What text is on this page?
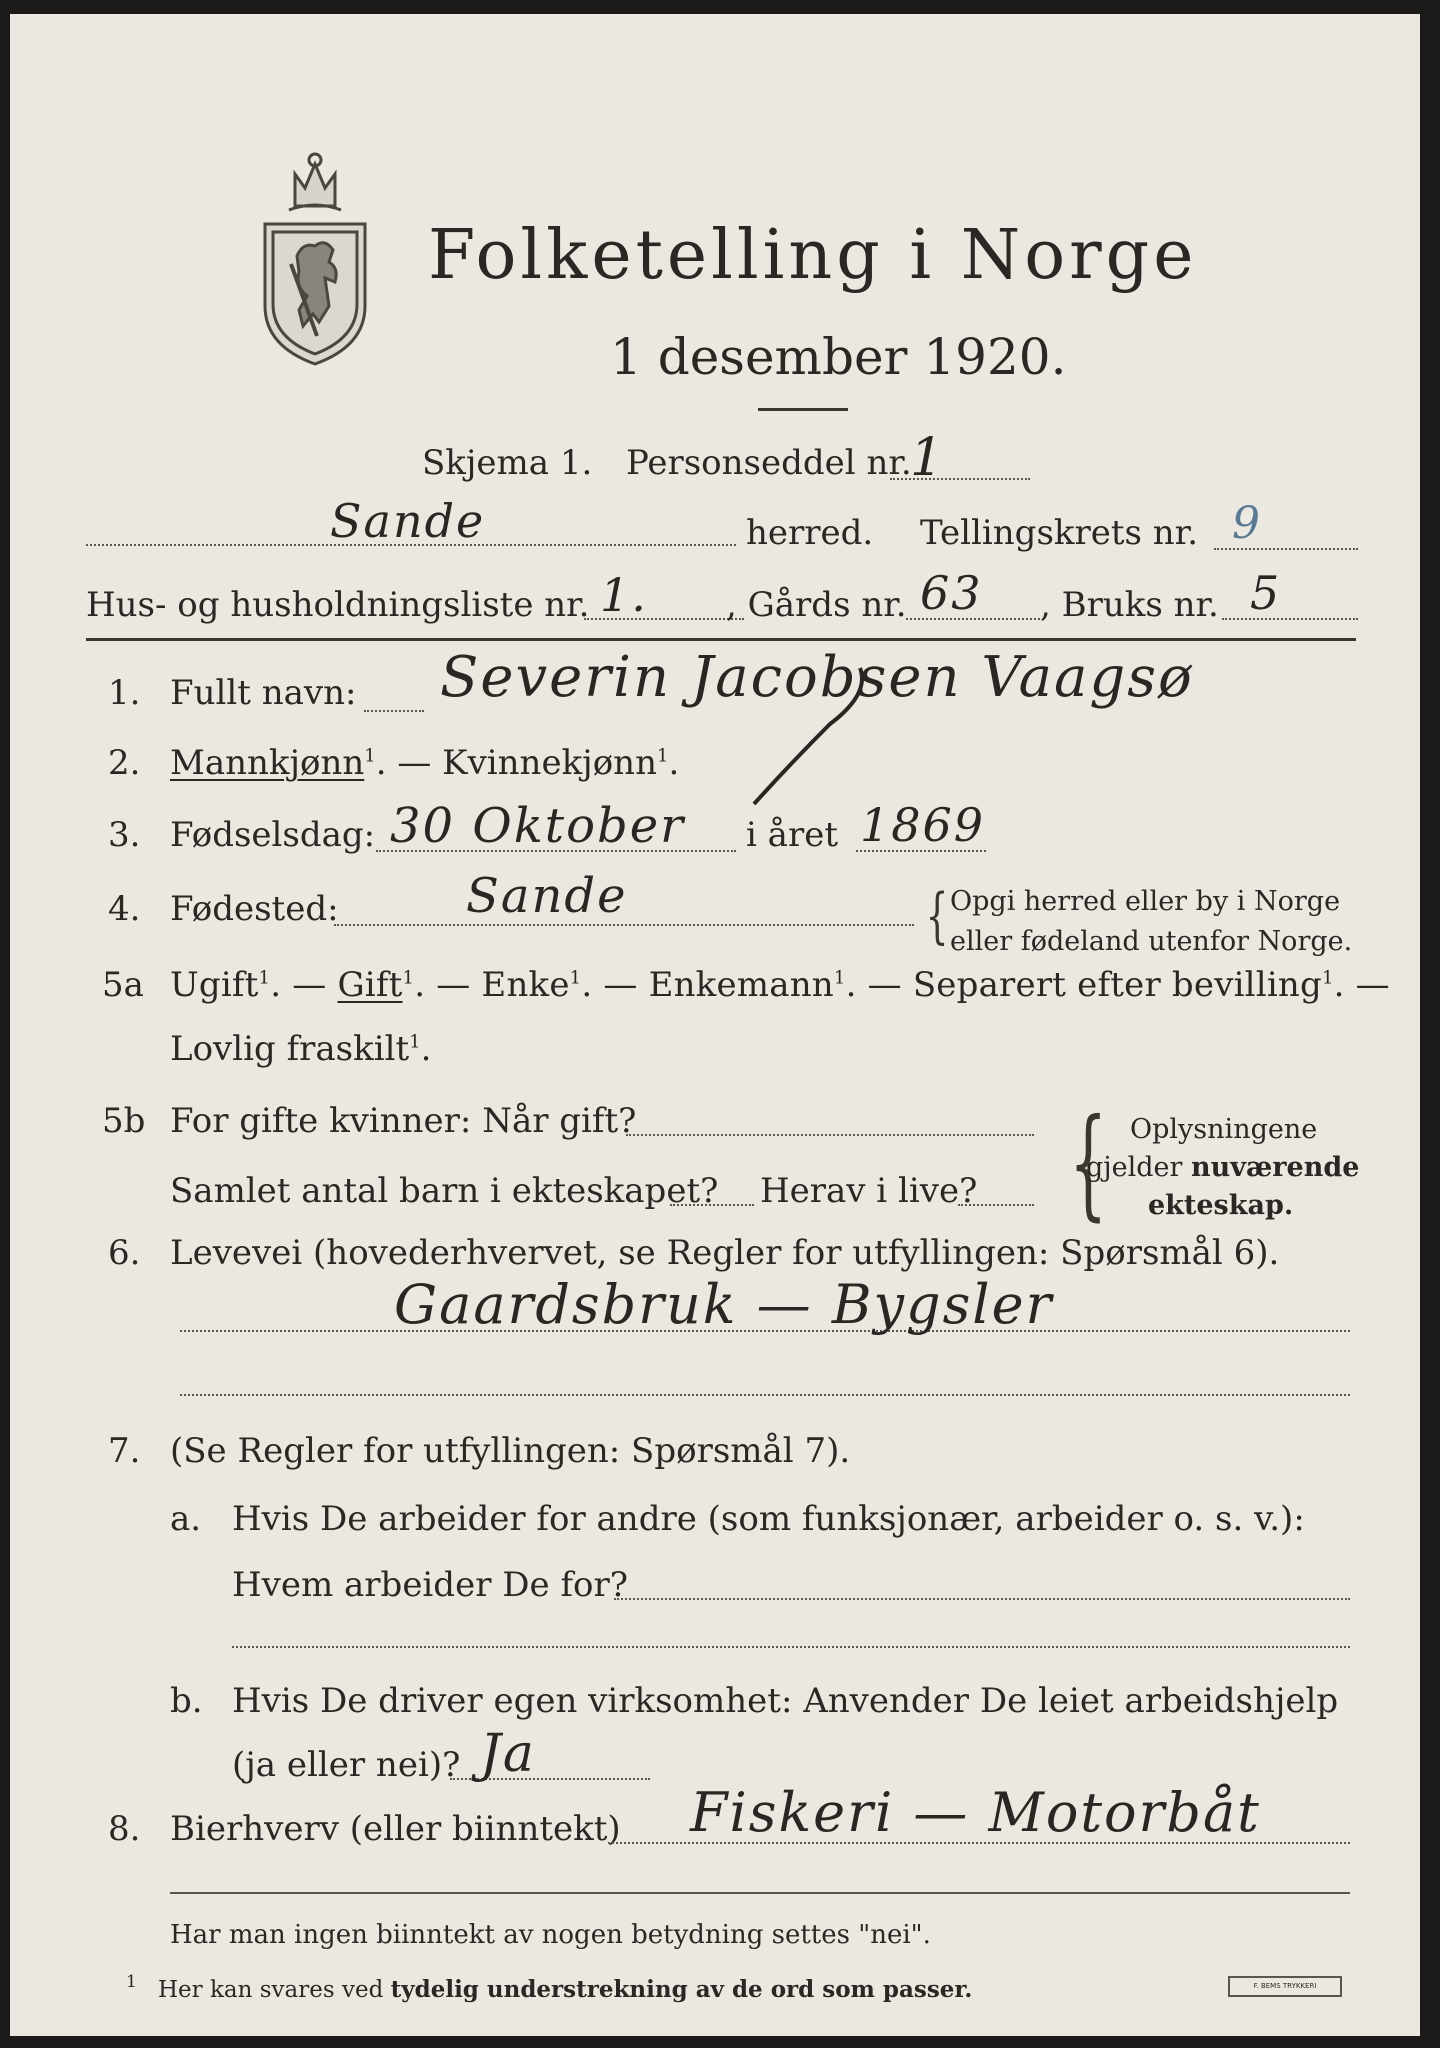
Folketelling i Norge
1 desember 1920.
Skjema 1. Personseddel nr.
1
Sande	herred. Tellingskrets nr. 9
Hus- og husholdningsliste nr. 1. , Gårds nr. 63 , Bruks nr. 5
1. Fullt navn: Severin Jacobsen Vaagsø
2. Mannkjønn$^1$. — Kvinnekjønn$^1$.
3. Fødselsdag: 30 Oktober i året 1869
4. Fødested:	Sande	{ Opgi herred eller by i Norge
eller fødeland utenfor Norge.
5a Ugift$^1$. — Gift$^1$. — Enke$^1$. — Enkemann$^1$. — Separert efter bevilling$^1$. —
Lovlig fraskilt$^1$.
5b For gifte kvinner: Når gift?
Samlet antal barn i ekteskapet? Herav i live? { Oplysningene
gjelder nuværende
ekteskap.
6. Levevei (hovederhvervet, se Regler for utfyllingen: Spørsmål 6).
Gaardsbruk — Bygsler
7. (Se Regler for utfyllingen: Spørsmål 7).
a. Hvis De arbeider for andre (som funksjonær, arbeider o. s. v.):
Hvem arbeider De for?
b. Hvis De driver egen virksomhet: Anvender De leiet arbeidshjelp
(ja eller nei)? Ja
8. Bierhverv (eller biinntekt) Fiskeri — Motorbåt
Har man ingen biinntekt av nogen betydning settes "nei".
1 Her kan svares ved tydelig understrekning av de ord som passer.	F. BEMS TRYKKERI
